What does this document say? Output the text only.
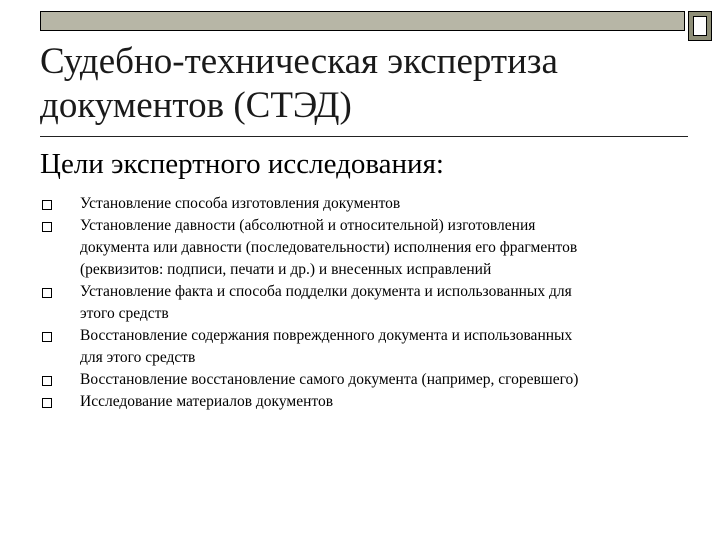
Судебно-техническая экспертиза
документов (СТЭД)
Цели экспертного исследования:
Установление способа изготовления документов
Установление давности (абсолютной и относительной) изготовления
документа или давности (последовательности) исполнения его фрагментов
(реквизитов: подписи, печати и др.) и внесенных исправлений
Установление факта и способа подделки документа и использованных для
этого средств
Восстановление содержания поврежденного документа и использованных
для этого средств
Восстановление восстановление самого документа (например, сгоревшего)
Исследование материалов документов
